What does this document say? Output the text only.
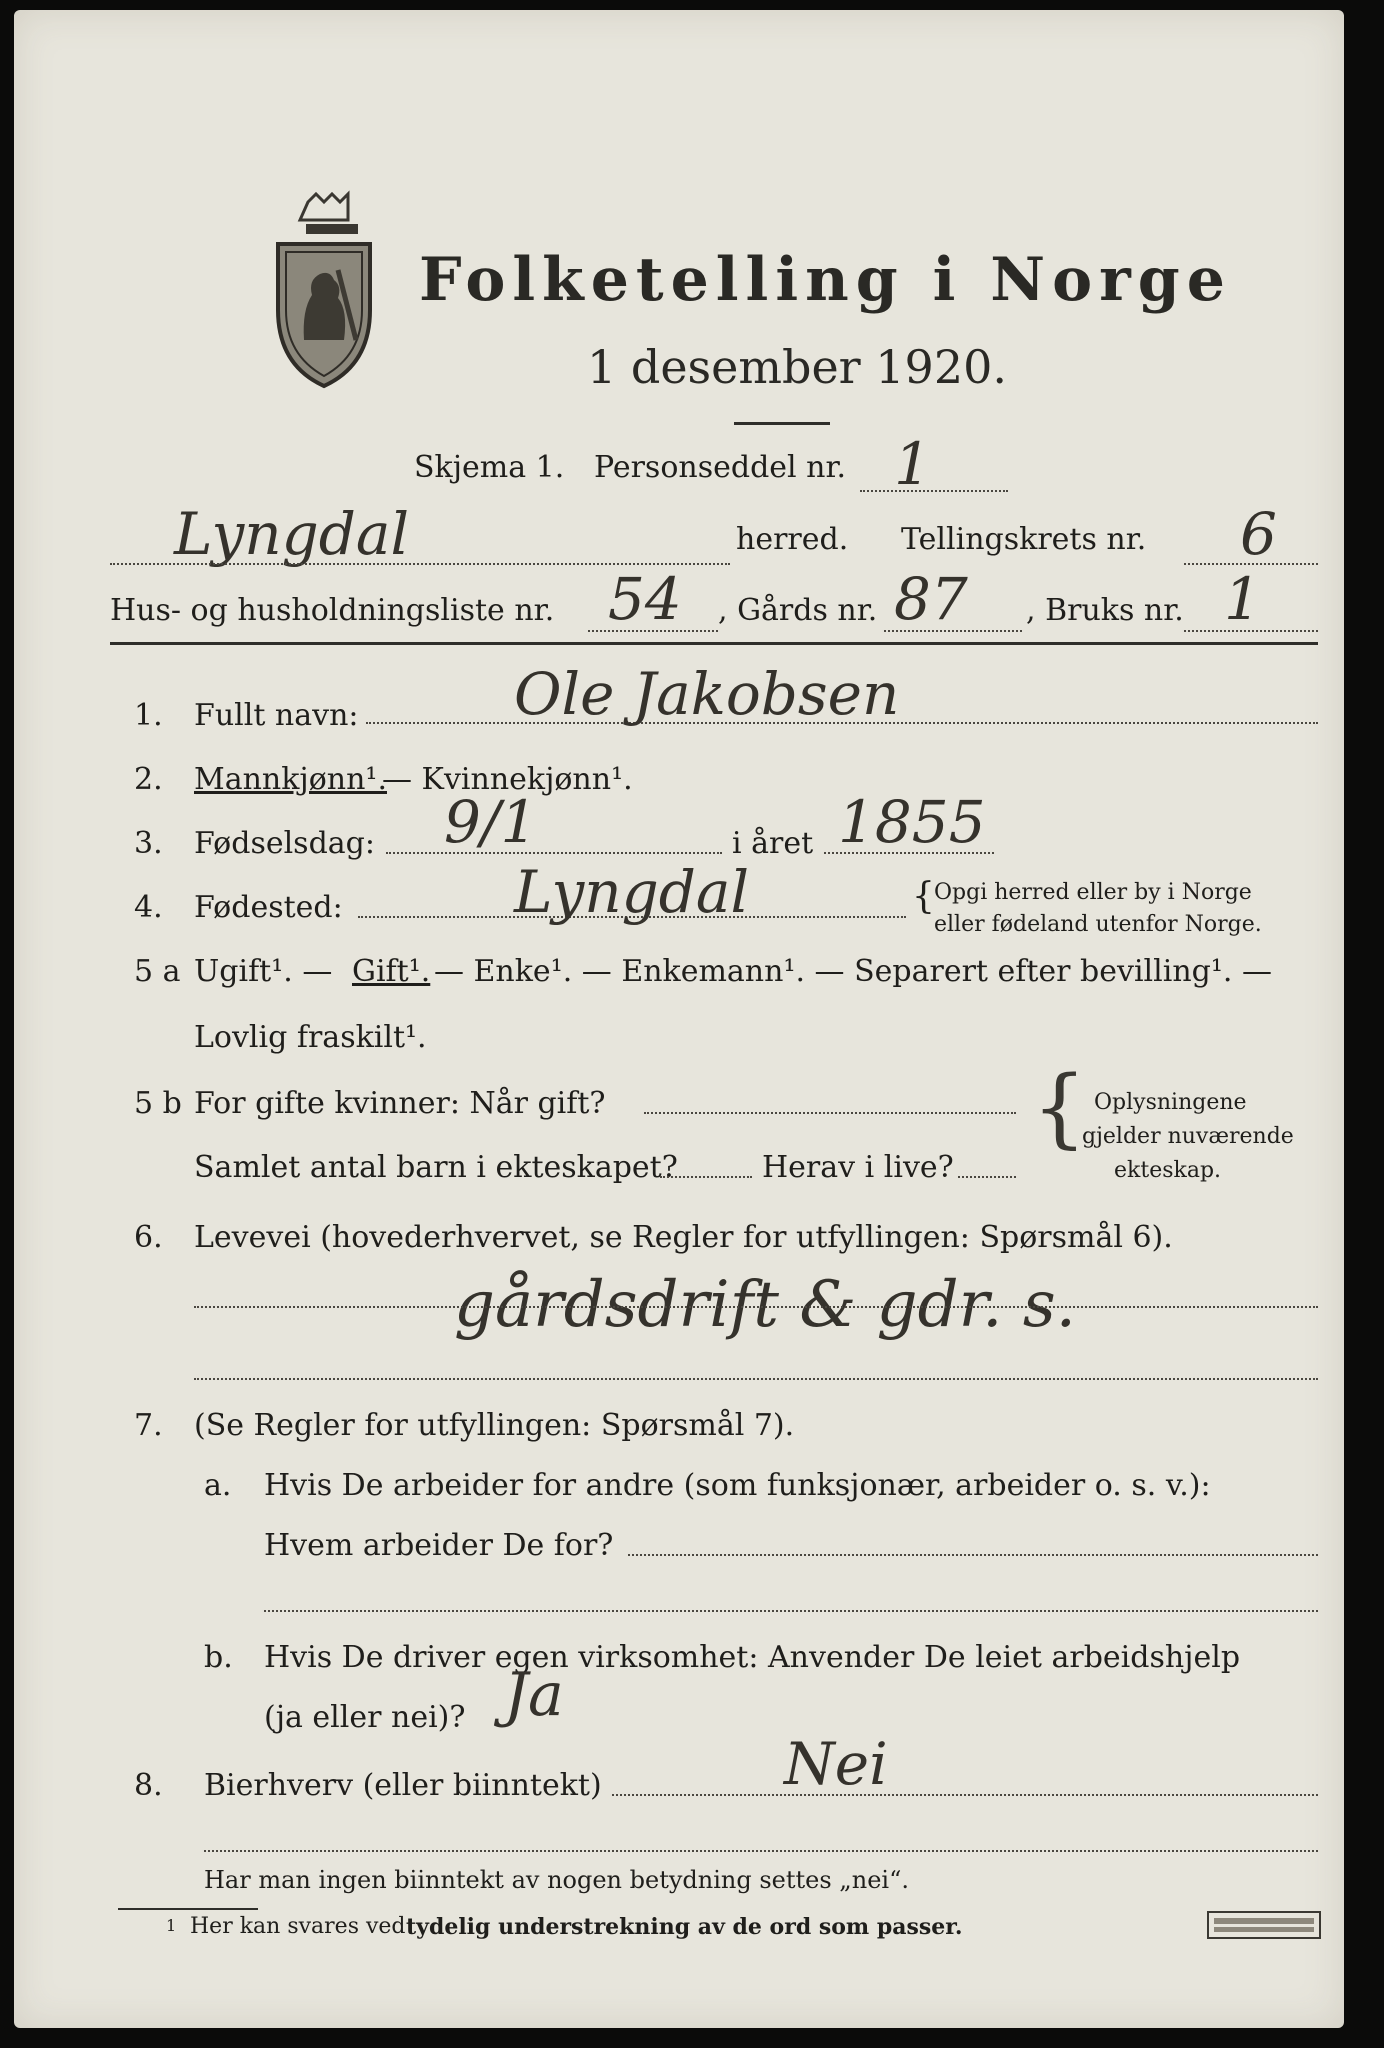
Folketelling i Norge
1 desember 1920.
Skjema 1. Personseddel nr. 1
Lyngdal	herred. Tellingskrets nr. 6
Hus- og husholdningsliste nr. 54 , Gårds nr. 87 , Bruks nr. 1
1. Fullt navn:	Ole Jakobsen
2. Mannkjønn¹.
— Kvinnekjønn¹.
3. Fødselsdag: 9/1	i året 1855
4. Fødested:	Lyngdal	{ Opgi herred eller by i Norge
eller fødeland utenfor Norge.
5 a Ugift¹. — Gift¹. — Enke¹. — Enkemann¹. — Separert efter bevilling¹. —
Lovlig fraskilt¹.
5 b For gifte kvinner: Når gift?
Samlet antal barn i ekteskapet?	Herav i live?
{ Oplysningene
gjelder nuværende
ekteskap.
6. Levevei (hovederhvervet, se Regler for utfyllingen: Spørsmål 6).
gårdsdrift & gdr. s.
7. (Se Regler for utfyllingen: Spørsmål 7).
a. Hvis De arbeider for andre (som funksjonær, arbeider o. s. v.):
Hvem arbeider De for?
b. Hvis De driver egen virksomhet: Anvender De leiet arbeidshjelp
(ja eller nei)? Ja
8. Bierhverv (eller biinntekt)	Nei
Har man ingen biinntekt av nogen betydning settes „nei“.
1 Her kan svares ved tydelig understrekning av de ord som passer.
